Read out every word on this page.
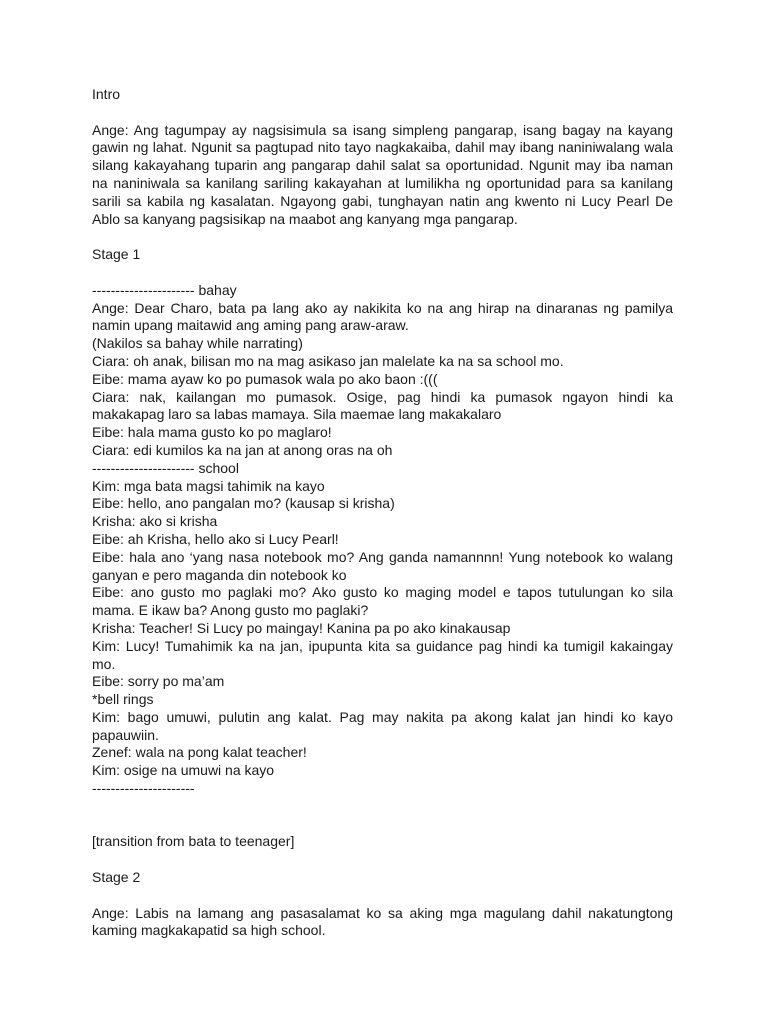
Intro

Ange: Ang tagumpay ay nagsisimula sa isang simpleng pangarap, isang bagay na kayang gawin ng lahat. Ngunit sa pagtupad nito tayo nagkakaiba, dahil may ibang naniniwalang wala silang kakayahang tuparin ang pangarap dahil salat sa oportunidad. Ngunit may iba naman na naniniwala sa kanilang sariling kakayahan at lumilikha ng oportunidad para sa kanilang sarili sa kabila ng kasalatan. Ngayong gabi, tunghayan natin ang kwento ni Lucy Pearl De Ablo sa kanyang pagsisikap na maabot ang kanyang mga pangarap.

Stage 1

---------------------- bahay

Ange: Dear Charo, bata pa lang ako ay nakikita ko na ang hirap na dinaranas ng pamilya namin upang maitawid ang aming pang araw-araw.

(Nakilos sa bahay while narrating)

Ciara: oh anak, bilisan mo na mag asikaso jan malelate ka na sa school mo.

Eibe: mama ayaw ko po pumasok wala po ako baon :(((

Ciara: nak, kailangan mo pumasok. Osige, pag hindi ka pumasok ngayon hindi ka makakapag laro sa labas mamaya. Sila maemae lang makakalaro

Eibe: hala mama gusto ko po maglaro!

Ciara: edi kumilos ka na jan at anong oras na oh

---------------------- school

Kim: mga bata magsi tahimik na kayo

Eibe: hello, ano pangalan mo? (kausap si krisha)

Krisha: ako si krisha

Eibe: ah Krisha, hello ako si Lucy Pearl!

Eibe: hala ano ‘yang nasa notebook mo? Ang ganda namannnn! Yung notebook ko walang ganyan e pero maganda din notebook ko

Eibe: ano gusto mo paglaki mo? Ako gusto ko maging model e tapos tutulungan ko sila mama. E ikaw ba? Anong gusto mo paglaki?

Krisha: Teacher! Si Lucy po maingay! Kanina pa po ako kinakausap

Kim: Lucy! Tumahimik ka na jan, ipupunta kita sa guidance pag hindi ka tumigil kakaingay mo.

Eibe: sorry po ma’am

*bell rings

Kim: bago umuwi, pulutin ang kalat. Pag may nakita pa akong kalat jan hindi ko kayo papauwiin.

Zenef: wala na pong kalat teacher!

Kim: osige na umuwi na kayo

----------------------

[transition from bata to teenager]

Stage 2

Ange: Labis na lamang ang pasasalamat ko sa aking mga magulang dahil nakatungtong kaming magkakapatid sa high school.
